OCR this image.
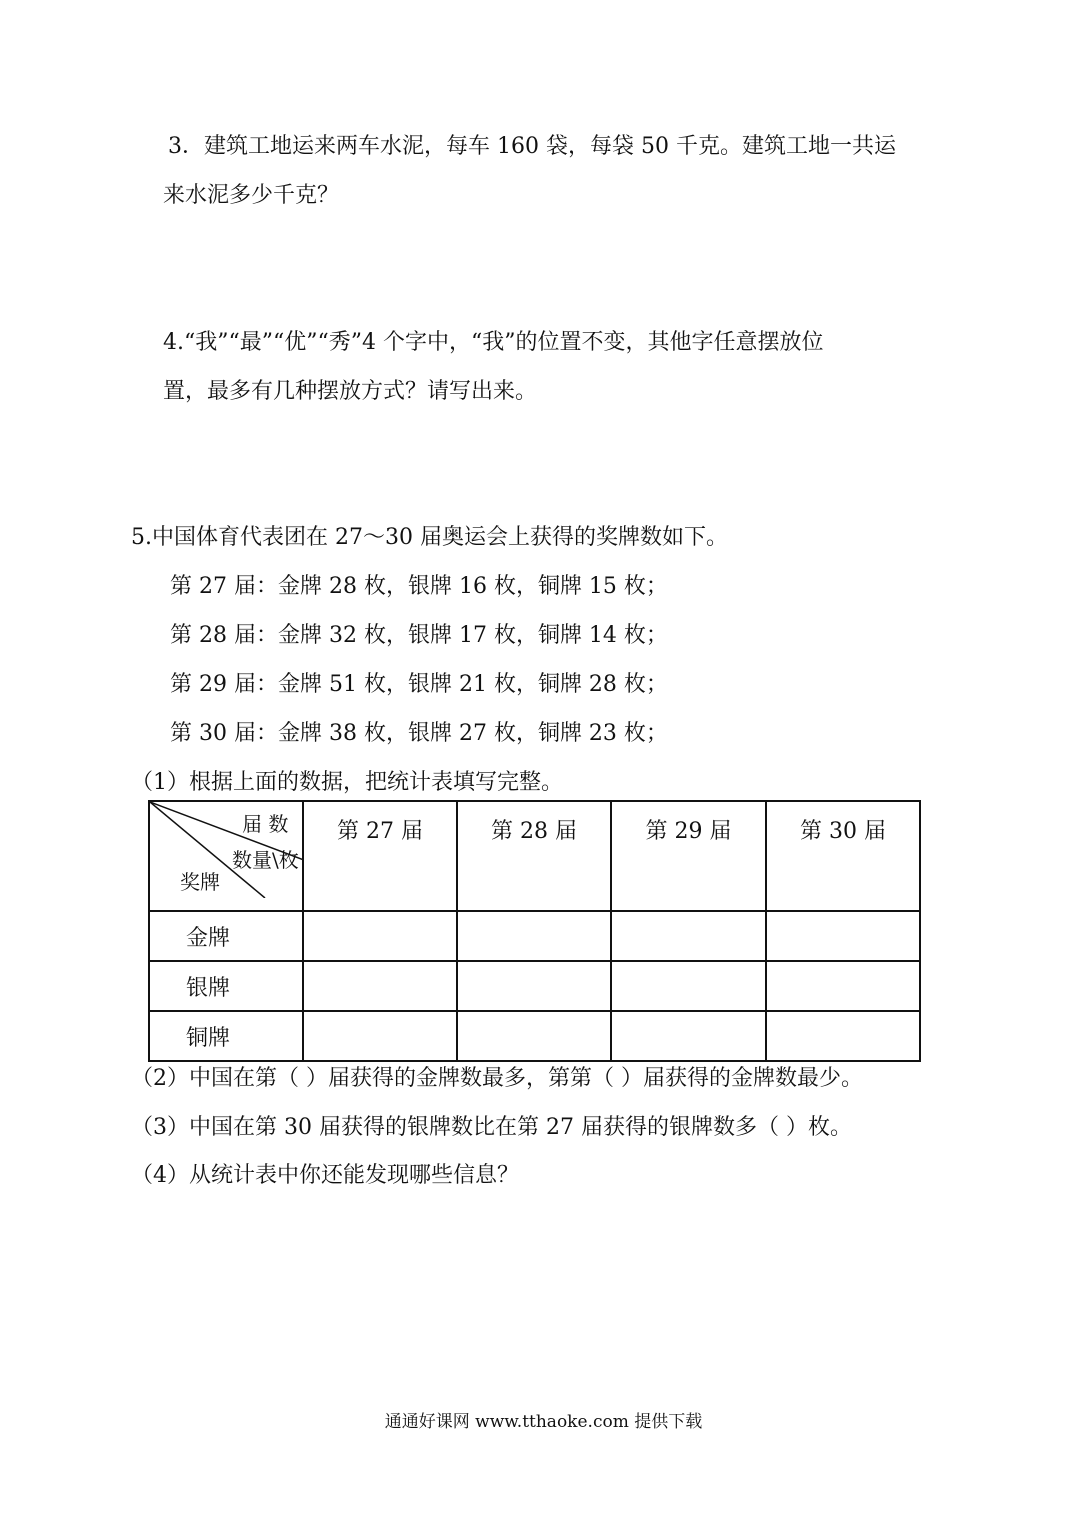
3．建筑工地运来两车水泥，每车 160 袋，每袋 50 千克。建筑工地一共运
来水泥多少千克？
4.“我”“最”“优”“秀”4 个字中，“我”的位置不变，其他字任意摆放位
置，最多有几种摆放方式？请写出来。
5.中国体育代表团在 27～30 届奥运会上获得的奖牌数如下。
第 27 届：金牌 28 枚，银牌 16 枚，铜牌 15 枚；
第 28 届：金牌 32 枚，银牌 17 枚，铜牌 14 枚；
第 29 届：金牌 51 枚，银牌 21 枚，铜牌 28 枚；
第 30 届：金牌 38 枚，银牌 27 枚，铜牌 23 枚；
（1）根据上面的数据，把统计表填写完整。
届 数
数量\枚
奖牌	第 27 届	第 28 届	第 29 届	第 30 届
金牌				
银牌				
铜牌				
（2）中国在第（ ）届获得的金牌数最多，第第（ ）届获得的金牌数最少。
（3）中国在第 30 届获得的银牌数比在第 27 届获得的银牌数多（ ）枚。
（4）从统计表中你还能发现哪些信息？
通通好课网 www.tthaoke.com 提供下载
